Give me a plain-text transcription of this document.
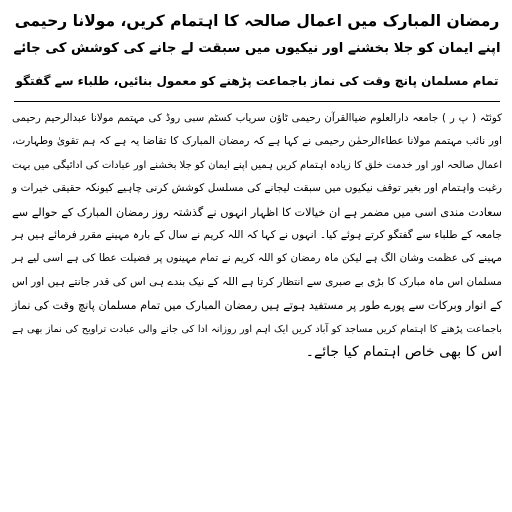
رمضان المبارک میں اعمال صالحہ کا اہتمام کریں، مولانا رحیمی
اپنے ایمان کو جلا بخشنے اور نیکیوں میں سبقت لے جانے کی کوشش کی جائے
تمام مسلمان پانچ وقت کی نماز باجماعت پڑھنے کو معمول بنائیں، طلباء سے گفتگو
کوئٹہ ( پ ر ) جامعہ دارالعلوم ضیاالقرآن رحیمی ٹاؤن سریاب کسٹم سبی روڈ کی مہتمم مولانا عبدالرحیم رحیمی
اور نائب مہتمم مولانا عطاءالرحمٰن رحیمی نے کہا ہے کہ رمضان المبارک کا تقاضا یہ ہے کہ ہم تقویٰ وطہارت،
اعمال صالحہ اور اور خدمت خلق کا زیادہ اہتمام کریں ہمیں اپنے ایمان کو جلا بخشنے اور عبادات کی ادائیگی میں بہت
رغبت واہتمام اور بغیر توقف نیکیوں میں سبقت لیجانے کی مسلسل کوشش کرنی چاہیے کیونکہ حقیقی خیرات و
سعادت مندی اسی میں مضمر ہے ان خیالات کا اظہار انہوں نے گذشتہ روز رمضان المبارک کے حوالے سے
جامعہ کے طلباء سے گفتگو کرتے ہوئے کیا۔ انہوں نے کہا کہ اللہ کریم نے سال کے بارہ مہینے مقرر فرمائے ہیں ہر
مہینے کی عظمت وشان الگ ہے لیکن ماہ رمضان کو اللہ کریم نے تمام مہینوں پر فضیلت عطا کی ہے اسی لیے ہر
مسلمان اس ماہ مبارک کا بڑی بے صبری سے انتظار کرتا ہے اللہ کے نیک بندے ہی اس کی قدر جانتے ہیں اور اس
کے انوار وبرکات سے پورے طور پر مستفید ہوتے ہیں رمضان المبارک میں تمام مسلمان پانچ وقت کی نماز
باجماعت پڑھنے کا اہتمام کریں مساجد کو آباد کریں ایک اہم اور روزانہ ادا کی جانے والی عبادت تراویح کی نماز بھی ہے
اس کا بھی خاص اہتمام کیا جائے۔
